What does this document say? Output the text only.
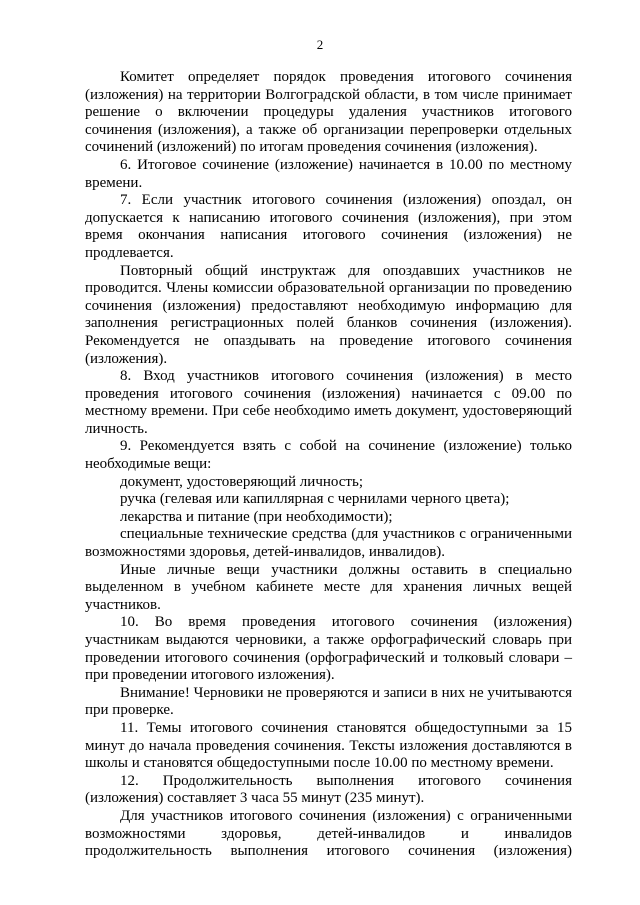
2

Комитет определяет порядок проведения итогового сочинения (изложения) на территории Волгоградской области, в том числе принимает решение о включении процедуры удаления участников итогового сочинения (изложения), а также об организации перепроверки отдельных сочинений (изложений) по итогам проведения сочинения (изложения).

6. Итоговое сочинение (изложение) начинается в 10.00 по местному времени.

7. Если участник итогового сочинения (изложения) опоздал, он допускается к написанию итогового сочинения (изложения), при этом время окончания написания итогового сочинения (изложения) не продлевается.

Повторный общий инструктаж для опоздавших участников не проводится. Члены комиссии образовательной организации по проведению сочинения (изложения) предоставляют необходимую информацию для заполнения регистрационных полей бланков сочинения (изложения). Рекомендуется не опаздывать на проведение итогового сочинения (изложения).

8. Вход участников итогового сочинения (изложения) в место проведения итогового сочинения (изложения) начинается с 09.00 по местному времени. При себе необходимо иметь документ, удостоверяющий личность.

9. Рекомендуется взять с собой на сочинение (изложение) только необходимые вещи:

документ, удостоверяющий личность;

ручка (гелевая или капиллярная с чернилами черного цвета);

лекарства и питание (при необходимости);

специальные технические средства (для участников с ограниченными возможностями здоровья, детей-инвалидов, инвалидов).

Иные личные вещи участники должны оставить в специально выделенном в учебном кабинете месте для хранения личных вещей участников.

10. Во время проведения итогового сочинения (изложения) участникам выдаются черновики, а также орфографический словарь при проведении итогового сочинения (орфографический и толковый словари – при проведении итогового изложения).

Внимание! Черновики не проверяются и записи в них не учитываются при проверке.

11. Темы итогового сочинения становятся общедоступными за 15 минут до начала проведения сочинения. Тексты изложения доставляются в школы и становятся общедоступными после 10.00 по местному времени.

12. Продолжительность выполнения итогового сочинения (изложения) составляет 3 часа 55 минут (235 минут).

Для участников итогового сочинения (изложения) с ограниченными возможностями здоровья, детей-инвалидов и инвалидов продолжительность выполнения итогового сочинения (изложения)
